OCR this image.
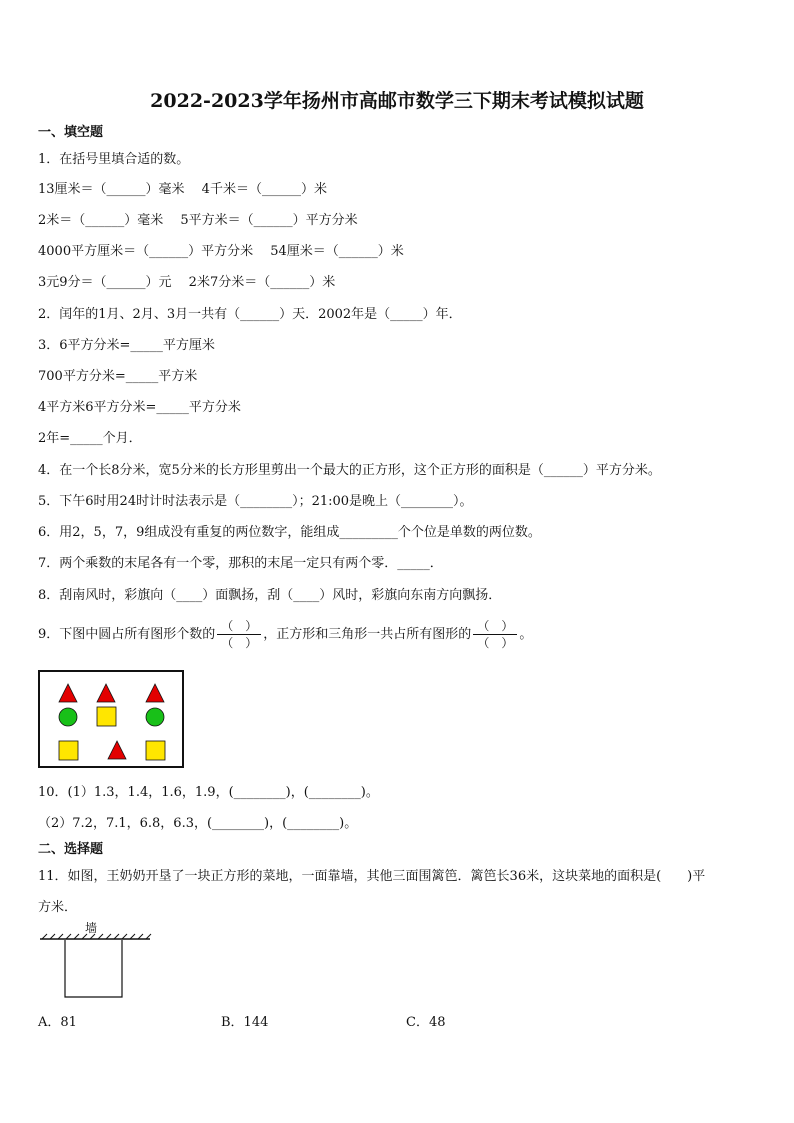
2022-2023学年扬州市高邮市数学三下期末考试模拟试题
一、填空题
1．在括号里填合适的数。
13厘米＝（______）毫米　 4千米＝（______）米
2米＝（______）毫米　 5平方米＝（______）平方分米
4000平方厘米＝（______）平方分米　 54厘米＝（______）米
3元9分＝（______）元　 2米7分米＝（______）米
2．闰年的1月、2月、3月一共有（______）天．2002年是（_____）年．
3．6平方分米=_____平方厘米
700平方分米=_____平方米
4平方米6平方分米=_____平方分米
2年=_____个月．
4．在一个长8分米，宽5分米的长方形里剪出一个最大的正方形，这个正方形的面积是（______）平方分米。
5．下午6时用24时计时法表示是（________）；21:00是晚上（________）。
6．用2，5，7，9组成没有重复的两位数字，能组成_________个个位是单数的两位数。
7．两个乘数的末尾各有一个零，那积的末尾一定只有两个零．_____．
8．刮南风时，彩旗向（____）面飘扬，刮（____）风时，彩旗向东南方向飘扬．
9．下图中圆占所有图形个数的 $\frac{( )}{( )}$ ，正方形和三角形一共占所有图形的 $\frac{( )}{( )}$ 。
10．(1）1.3，1.4，1.6，1.9，(________)，(________)。
（2）7.2，7.1，6.8，6.3，(________)，(________)。
二、选择题
11．如图，王奶奶开垦了一块正方形的菜地，一面靠墙，其他三面围篱笆．篱笆长36米，这块菜地的面积是(　　)平
方米．
墙
A．81	B．144	C．48
